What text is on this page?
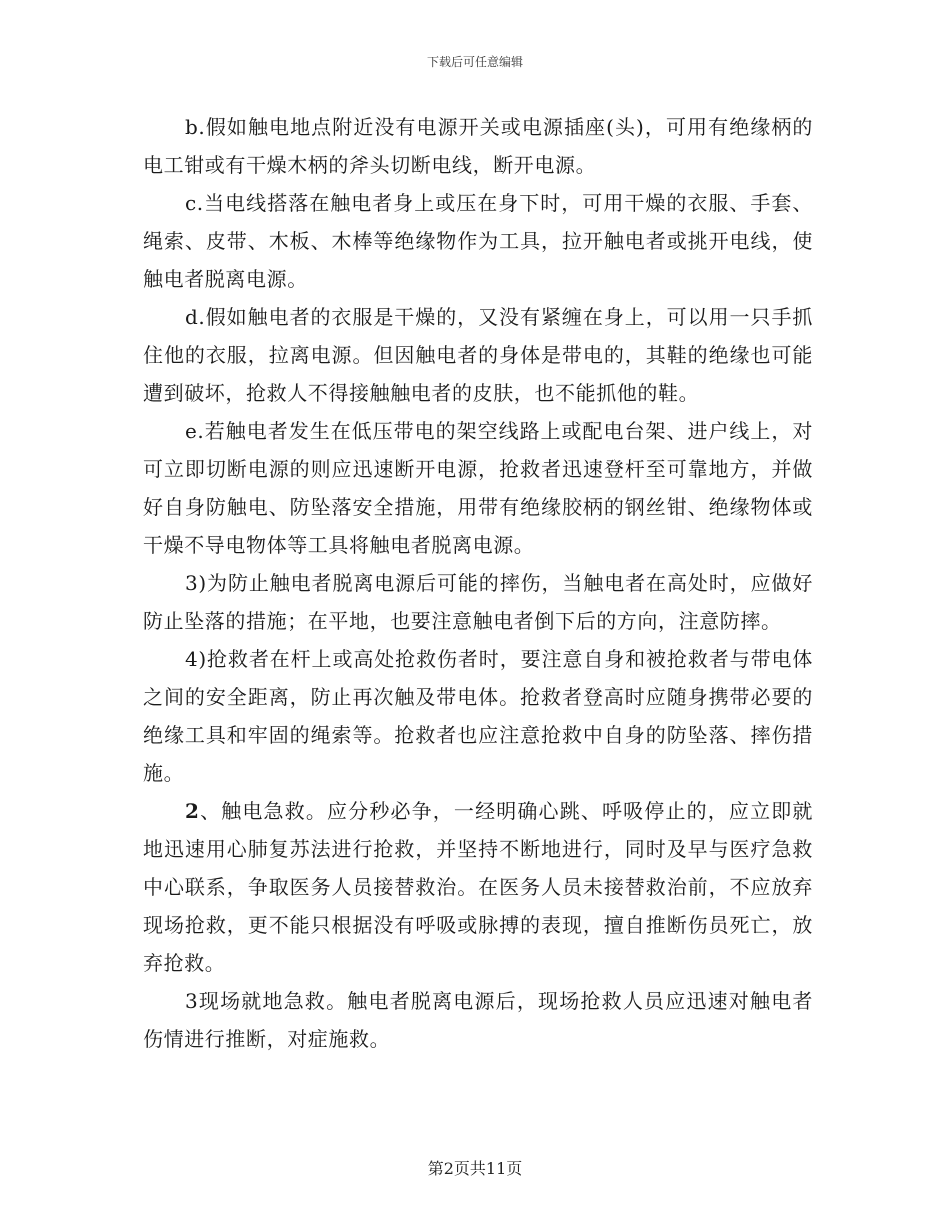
下载后可任意编辑

b.假如触电地点附近没有电源开关或电源插座(头)，可用有绝缘柄的电工钳或有干燥木柄的斧头切断电线，断开电源。

c.当电线搭落在触电者身上或压在身下时，可用干燥的衣服、手套、绳索、皮带、木板、木棒等绝缘物作为工具，拉开触电者或挑开电线，使触电者脱离电源。

d.假如触电者的衣服是干燥的，又没有紧缠在身上，可以用一只手抓住他的衣服，拉离电源。但因触电者的身体是带电的，其鞋的绝缘也可能遭到破坏，抢救人不得接触触电者的皮肤，也不能抓他的鞋。

e.若触电者发生在低压带电的架空线路上或配电台架、进户线上，对可立即切断电源的则应迅速断开电源，抢救者迅速登杆至可靠地方，并做好自身防触电、防坠落安全措施，用带有绝缘胶柄的钢丝钳、绝缘物体或干燥不导电物体等工具将触电者脱离电源。

3)为防止触电者脱离电源后可能的摔伤，当触电者在高处时，应做好防止坠落的措施；在平地，也要注意触电者倒下后的方向，注意防摔。

4)抢救者在杆上或高处抢救伤者时，要注意自身和被抢救者与带电体之间的安全距离，防止再次触及带电体。抢救者登高时应随身携带必要的绝缘工具和牢固的绳索等。抢救者也应注意抢救中自身的防坠落、摔伤措施。

2、触电急救。应分秒必争，一经明确心跳、呼吸停止的，应立即就地迅速用心肺复苏法进行抢救，并坚持不断地进行，同时及早与医疗急救中心联系，争取医务人员接替救治。在医务人员未接替救治前，不应放弃现场抢救，更不能只根据没有呼吸或脉搏的表现，擅自推断伤员死亡，放弃抢救。

3现场就地急救。触电者脱离电源后，现场抢救人员应迅速对触电者伤情进行推断，对症施救。

第2页共11页
